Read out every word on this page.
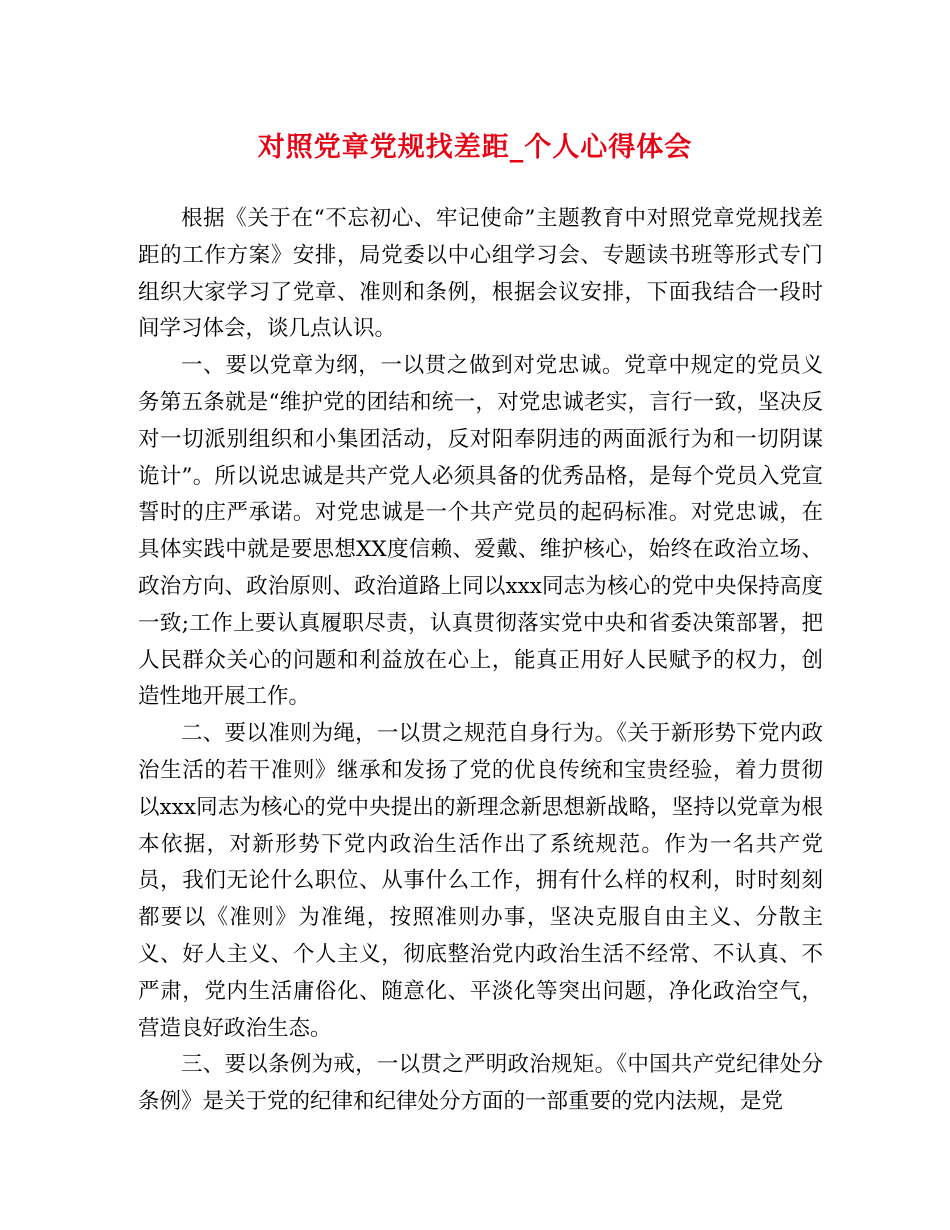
对照党章党规找差距_个人心得体会

根据《关于在“不忘初心、牢记使命”主题教育中对照党章党规找差距的工作方案》安排，局党委以中心组学习会、专题读书班等形式专门组织大家学习了党章、准则和条例，根据会议安排，下面我结合一段时间学习体会，谈几点认识。

一、要以党章为纲，一以贯之做到对党忠诚。党章中规定的党员义务第五条就是“维护党的团结和统一，对党忠诚老实，言行一致，坚决反对一切派别组织和小集团活动，反对阳奉阴违的两面派行为和一切阴谋诡计”。所以说忠诚是共产党人必须具备的优秀品格，是每个党员入党宣誓时的庄严承诺。对党忠诚是一个共产党员的起码标准。对党忠诚，在具体实践中就是要思想XX度信赖、爱戴、维护核心，始终在政治立场、政治方向、政治原则、政治道路上同以xxx同志为核心的党中央保持高度一致;工作上要认真履职尽责，认真贯彻落实党中央和省委决策部署，把人民群众关心的问题和利益放在心上，能真正用好人民赋予的权力，创造性地开展工作。

二、要以准则为绳，一以贯之规范自身行为。《关于新形势下党内政治生活的若干准则》继承和发扬了党的优良传统和宝贵经验，着力贯彻以xxx同志为核心的党中央提出的新理念新思想新战略，坚持以党章为根本依据，对新形势下党内政治生活作出了系统规范。作为一名共产党员，我们无论什么职位、从事什么工作，拥有什么样的权利，时时刻刻都要以《准则》为准绳，按照准则办事，坚决克服自由主义、分散主义、好人主义、个人主义，彻底整治党内政治生活不经常、不认真、不严肃，党内生活庸俗化、随意化、平淡化等突出问题，净化政治空气，营造良好政治生态。

三、要以条例为戒，一以贯之严明政治规矩。《中国共产党纪律处分条例》是关于党的纪律和纪律处分方面的一部重要的党内法规，是党
